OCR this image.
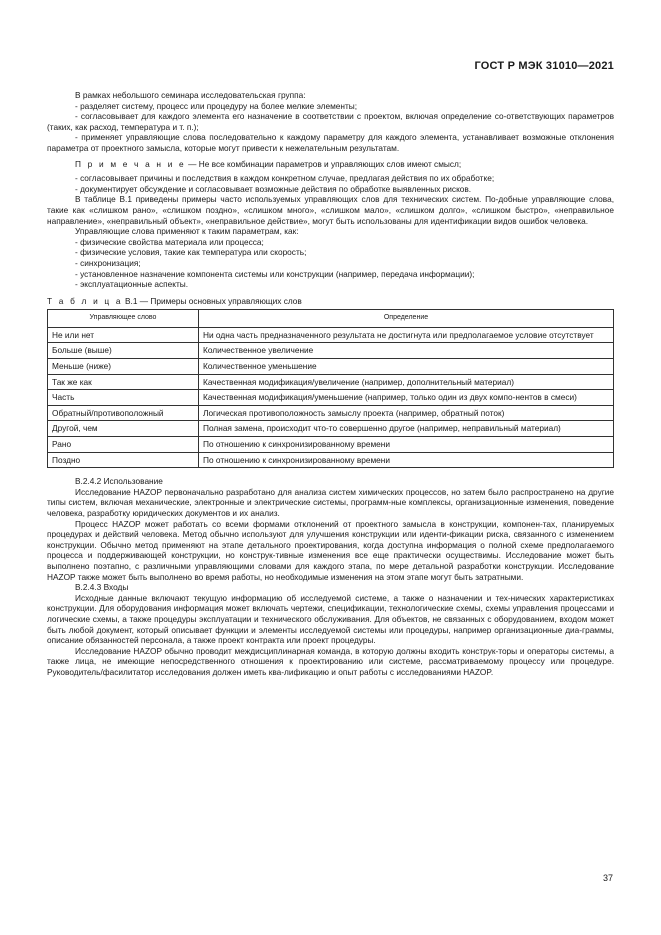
ГОСТ Р МЭК 31010—2021

В рамках небольшого семинара исследовательская группа:

- разделяет систему, процесс или процедуру на более мелкие элементы;

- согласовывает для каждого элемента его назначение в соответствии с проектом, включая определение со-ответствующих параметров (таких, как расход, температура и т. п.);

- применяет управляющие слова последовательно к каждому параметру для каждого элемента, устанавливает возможные отклонения параметра от проектного замысла, которые могут привести к нежелательным результатам.

П р и м е ч а н и е — Не все комбинации параметров и управляющих слов имеют смысл;

- согласовывает причины и последствия в каждом конкретном случае, предлагая действия по их обработке;

- документирует обсуждение и согласовывает возможные действия по обработке выявленных рисков.

В таблице В.1 приведены примеры часто используемых управляющих слов для технических систем. По-добные управляющие слова, такие как «слишком рано», «слишком поздно», «слишком много», «слишком мало», «слишком долго», «слишком быстро», «неправильное направление», «неправильный объект», «неправильное действие», могут быть использованы для идентификации видов ошибок человека.

Управляющие слова применяют к таким параметрам, как:

- физические свойства материала или процесса;

- физические условия, такие как температура или скорость;

- синхронизация;

- установленное назначение компонента системы или конструкции (например, передача информации);

- эксплуатационные аспекты.

Т а б л и ц а В.1 — Примеры основных управляющих слов

Управляющее слово	Определение
Не или нет	Ни одна часть предназначенного результата не достигнута или предполагаемое условие отсутствует
Больше (выше)	Количественное увеличение
Меньше (ниже)	Количественное уменьшение
Так же как	Качественная модификация/увеличение (например, дополнительный материал)
Часть	Качественная модификация/уменьшение (например, только один из двух компо-нентов в смеси)
Обратный/противоположный	Логическая противоположность замыслу проекта (например, обратный поток)
Другой, чем	Полная замена, происходит что-то совершенно другое (например, неправильный материал)
Рано	По отношению к синхронизированному времени
Поздно	По отношению к синхронизированному времени

В.2.4.2 Использование

Исследование HAZOP первоначально разработано для анализа систем химических процессов, но затем было распространено на другие типы систем, включая механические, электронные и электрические системы, программ-ные комплексы, организационные изменения, поведение человека, разработку юридических документов и их анализ.

Процесс HAZOP может работать со всеми формами отклонений от проектного замысла в конструкции, компонен-тах, планируемых процедурах и действий человека. Метод обычно используют для улучшения конструкции или иденти-фикации риска, связанного с изменением конструкции. Обычно метод применяют на этапе детального проектирования, когда доступна информация о полной схеме предполагаемого процесса и поддерживающей конструкции, но конструк-тивные изменения все еще практически осуществимы. Исследование может быть выполнено поэтапно, с различными управляющими словами для каждого этапа, по мере детальной разработки конструкции. Исследование HAZOP также может быть выполнено во время работы, но необходимые изменения на этом этапе могут быть затратными.

В.2.4.3 Входы

Исходные данные включают текущую информацию об исследуемой системе, а также о назначении и тех-нических характеристиках конструкции. Для оборудования информация может включать чертежи, спецификации, технологические схемы, схемы управления процессами и логические схемы, а также процедуры эксплуатации и технического обслуживания. Для объектов, не связанных с оборудованием, входом может быть любой документ, который описывает функции и элементы исследуемой системы или процедуры, например организационные диа-граммы, описание обязанностей персонала, а также проект контракта или проект процедуры.

Исследование HAZOP обычно проводит междисциплинарная команда, в которую должны входить конструк-торы и операторы системы, а также лица, не имеющие непосредственного отношения к проектированию или системе, рассматриваемому процессу или процедуре. Руководитель/фасилитатор исследования должен иметь ква-лификацию и опыт работы с исследованиями HAZOP.

37
